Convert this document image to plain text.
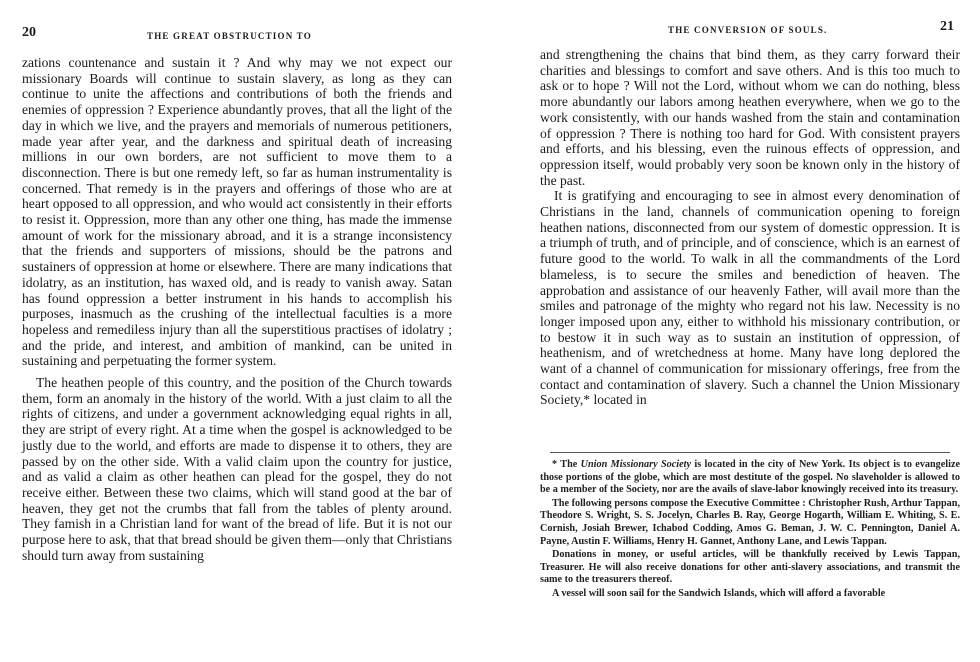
20	THE GREAT OBSTRUCTION TO

zations countenance and sustain it ? And why may we not expect our missionary Boards will continue to sustain slavery, as long as they can continue to unite the affections and contributions of both the friends and enemies of oppression ? Experience abundantly proves, that all the light of the day in which we live, and the prayers and memorials of numerous petitioners, made year after year, and the darkness and spiritual death of increasing millions in our own borders, are not sufficient to move them to a disconnection. There is but one remedy left, so far as human instrumentality is concerned. That remedy is in the prayers and offerings of those who are at heart opposed to all oppression, and who would act consistently in their efforts to resist it. Oppression, more than any other one thing, has made the immense amount of work for the missionary abroad, and it is a strange inconsistency that the friends and supporters of missions, should be the patrons and sustainers of oppression at home or elsewhere. There are many indications that idolatry, as an institution, has waxed old, and is ready to vanish away. Satan has found oppression a better instrument in his hands to accomplish his purposes, inasmuch as the crushing of the intellectual faculties is a more hopeless and remediless injury than all the superstitious practises of idolatry ; and the pride, and interest, and ambition of mankind, can be united in sustaining and perpetuating the former system.

The heathen people of this country, and the position of the Church towards them, form an anomaly in the history of the world. With a just claim to all the rights of citizens, and under a government acknowledging equal rights in all, they are stript of every right. At a time when the gospel is acknowledged to be justly due to the world, and efforts are made to dispense it to others, they are passed by on the other side. With a valid claim upon the country for justice, and as valid a claim as other heathen can plead for the gospel, they do not receive either. Between these two claims, which will stand good at the bar of heaven, they get not the crumbs that fall from the tables of plenty around. They famish in a Christian land for want of the bread of life. But it is not our purpose here to ask, that that bread should be given them—only that Christians should turn away from sustaining

THE CONVERSION OF SOULS.	21

and strengthening the chains that bind them, as they carry forward their charities and blessings to comfort and save others. And is this too much to ask or to hope ? Will not the Lord, without whom we can do nothing, bless more abundantly our labors among heathen everywhere, when we go to the work consistently, with our hands washed from the stain and contamination of oppression ? There is nothing too hard for God. With consistent prayers and efforts, and his blessing, even the ruinous effects of oppression, and oppression itself, would probably very soon be known only in the history of the past.

It is gratifying and encouraging to see in almost every denomination of Christians in the land, channels of communication opening to foreign heathen nations, disconnected from our system of domestic oppression. It is a triumph of truth, and of principle, and of conscience, which is an earnest of future good to the world. To walk in all the commandments of the Lord blameless, is to secure the smiles and benediction of heaven. The approbation and assistance of our heavenly Father, will avail more than the smiles and patronage of the mighty who regard not his law. Necessity is no longer imposed upon any, either to withhold his missionary contribution, or to bestow it in such way as to sustain an institution of oppression, of heathenism, and of wretchedness at home. Many have long deplored the want of a channel of communication for missionary offerings, free from the contact and contamination of slavery. Such a channel the Union Missionary Society,* located in

* The Union Missionary Society is located in the city of New York. Its object is to evangelize those portions of the globe, which are most destitute of the gospel. No slaveholder is allowed to be a member of the Society, nor are the avails of slave-labor knowingly received into its treasury.

The following persons compose the Executive Committee : Christopher Rush, Arthur Tappan, Theodore S. Wright, S. S. Jocelyn, Charles B. Ray, George Hogarth, William E. Whiting, S. E. Cornish, Josiah Brewer, Ichabod Codding, Amos G. Beman, J. W. C. Pennington, Daniel A. Payne, Austin F. Williams, Henry H. Gannet, Anthony Lane, and Lewis Tappan.

Donations in money, or useful articles, will be thankfully received by Lewis Tappan, Treasurer. He will also receive donations for other anti-slavery associations, and transmit the same to the treasurers thereof.

A vessel will soon sail for the Sandwich Islands, which will afford a favorable
